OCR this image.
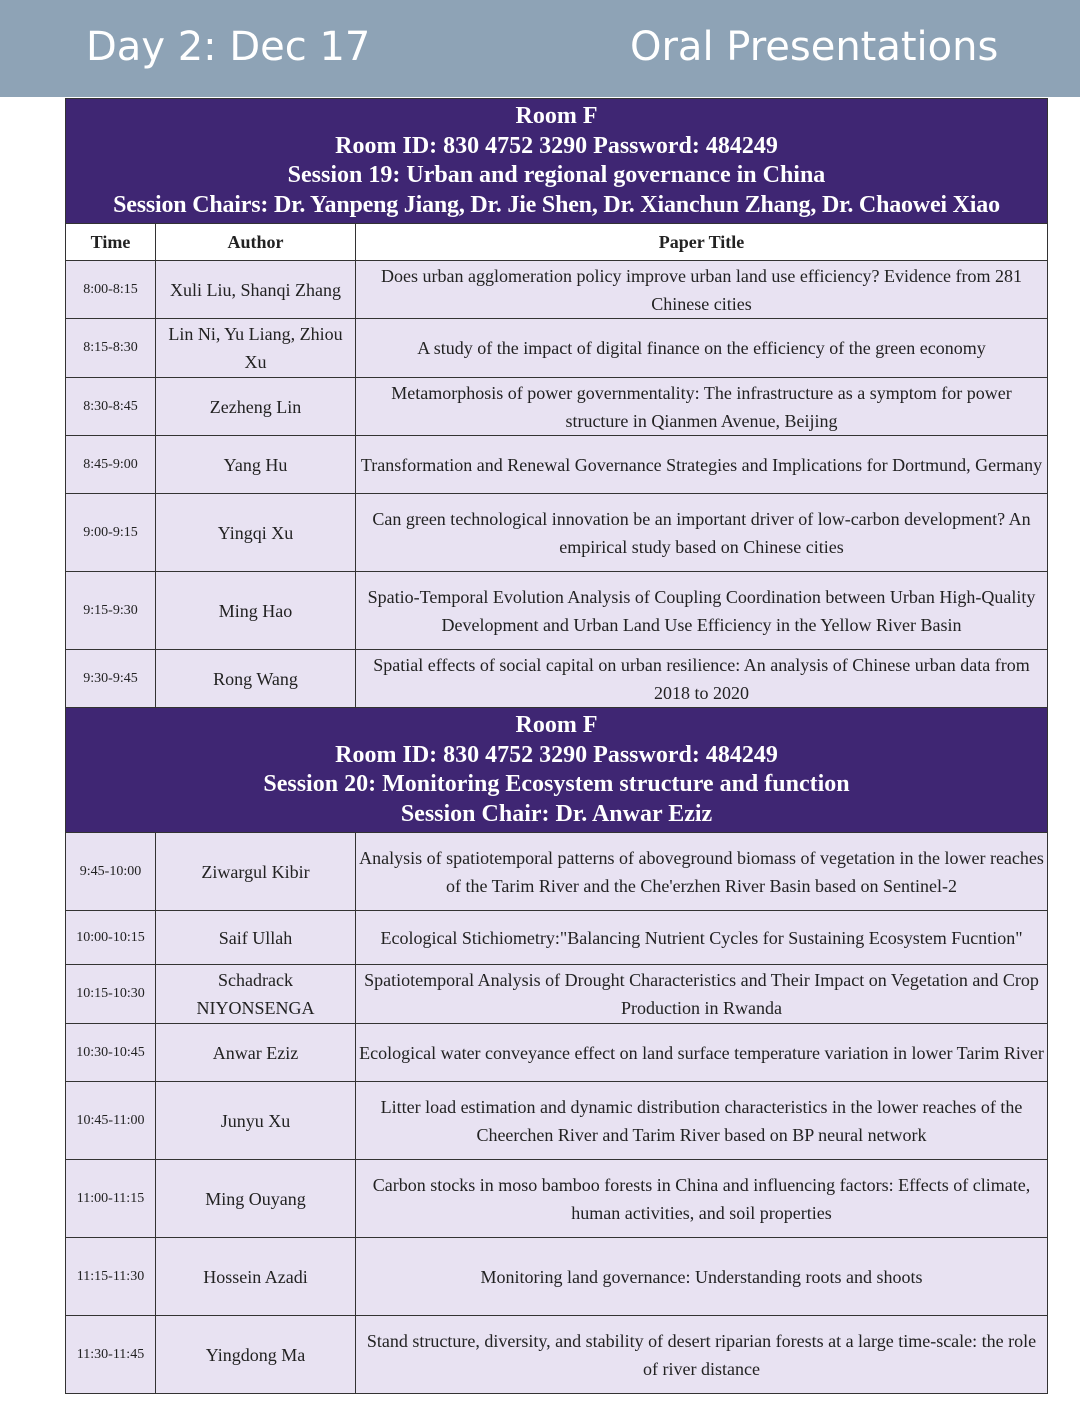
Day 2: Dec 17	Oral Presentations
Room F
Room ID: 830 4752 3290 Password: 484249
Session 19: Urban and regional governance in China
Session Chairs: Dr. Yanpeng Jiang, Dr. Jie Shen, Dr. Xianchun Zhang, Dr. Chaowei Xiao		

Time	Author	Paper Title
8:00-8:15	Xuli Liu, Shanqi Zhang	Does urban agglomeration policy improve urban land use efficiency? Evidence from 281 Chinese cities
8:15-8:30	Lin Ni, Yu Liang, Zhiou Xu	A study of the impact of digital finance on the efficiency of the green economy
8:30-8:45	Zezheng Lin	Metamorphosis of power governmentality: The infrastructure as a symptom for power structure in Qianmen Avenue, Beijing
8:45-9:00	Yang Hu	Transformation and Renewal Governance Strategies and Implications for Dortmund, Germany
9:00-9:15	Yingqi Xu	Can green technological innovation be an important driver of low-carbon development? An empirical study based on Chinese cities
9:15-9:30	Ming Hao	Spatio-Temporal Evolution Analysis of Coupling Coordination between Urban High-Quality Development and Urban Land Use Efficiency in the Yellow River Basin
9:30-9:45	Rong Wang	Spatial effects of social capital on urban resilience: An analysis of Chinese urban data from 2018 to 2020

Room F
Room ID: 830 4752 3290 Password: 484249
Session 20: Monitoring Ecosystem structure and function
Session Chair: Dr. Anwar Eziz		

9:45-10:00	Ziwargul Kibir	Analysis of spatiotemporal patterns of aboveground biomass of vegetation in the lower reaches of the Tarim River and the Che'erzhen River Basin based on Sentinel-2
10:00-10:15	Saif Ullah	Ecological Stichiometry:"Balancing Nutrient Cycles for Sustaining Ecosystem Fucntion"
10:15-10:30	Schadrack NIYONSENGA	Spatiotemporal Analysis of Drought Characteristics and Their Impact on Vegetation and Crop Production in Rwanda
10:30-10:45	Anwar Eziz	Ecological water conveyance effect on land surface temperature variation in lower Tarim River
10:45-11:00	Junyu Xu	Litter load estimation and dynamic distribution characteristics in the lower reaches of the Cheerchen River and Tarim River based on BP neural network
11:00-11:15	Ming Ouyang	Carbon stocks in moso bamboo forests in China and influencing factors: Effects of climate, human activities, and soil properties
11:15-11:30	Hossein Azadi	Monitoring land governance: Understanding roots and shoots
11:30-11:45	Yingdong Ma	Stand structure, diversity, and stability of desert riparian forests at a large time-scale: the role of river distance
